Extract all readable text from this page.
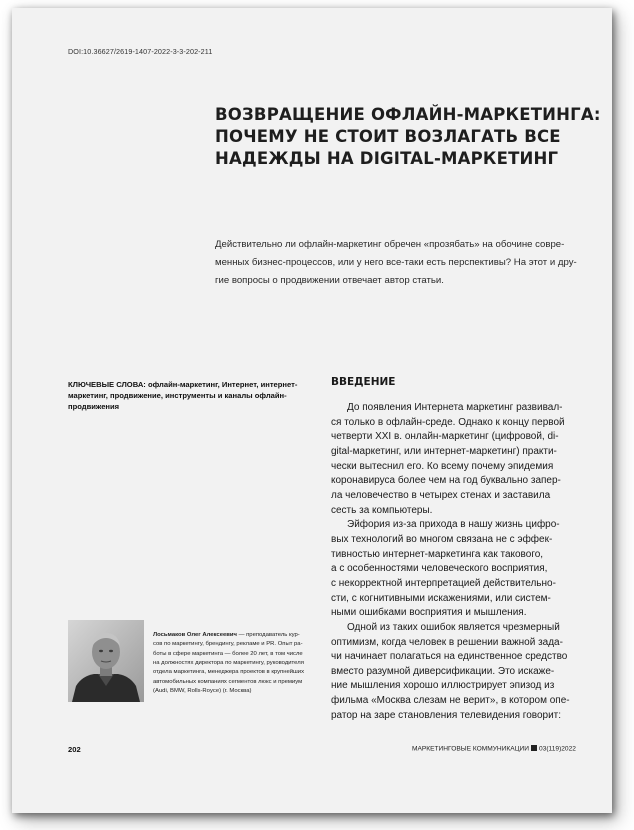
DOI:10.36627/2619-1407-2022-3-3-202-211
ВОЗВРАЩЕНИЕ ОФЛАЙН-МАРКЕТИНГА:
ПОЧЕМУ НЕ СТОИТ ВОЗЛАГАТЬ ВСЕ
НАДЕЖДЫ НА DIGITAL-МАРКЕТИНГ
Действительно ли офлайн-маркетинг обречен «прозябать» на обочине совре-
менных бизнес-процессов, или у него все-таки есть перспективы? На этот и дру-
гие вопросы о продвижении отвечает автор статьи.
КЛЮЧЕВЫЕ СЛОВА: офлайн-маркетинг, Интернет, интернет-
маркетинг, продвижение, инструменты и каналы офлайн-
продвижения
ВВЕДЕНИЕ
До появления Интернета маркетинг развивал-
ся только в офлайн-среде. Однако к концу первой
четверти XXI в. онлайн-маркетинг (цифровой, di-
gital-маркетинг, или интернет-маркетинг) практи-
чески вытеснил его. Ко всему почему эпидемия
коронавируса более чем на год буквально запер-
ла человечество в четырех стенах и заставила
сесть за компьютеры.
Эйфория из-за прихода в нашу жизнь цифро-
вых технологий во многом связана не с эффек-
тивностью интернет-маркетинга как такового,
а с особенностями человеческого восприятия,
с некорректной интерпретацией действительно-
сти, с когнитивными искажениями, или систем-
ными ошибками восприятия и мышления.
Одной из таких ошибок является чрезмерный
оптимизм, когда человек в решении важной зада-
чи начинает полагаться на единственное средство
вместо разумной диверсификации. Это искаже-
ние мышления хорошо иллюстрирует эпизод из
фильма «Москва слезам не верит», в котором опе-
ратор на заре становления телевидения говорит:
Лосьмаков Олег Алексеевич — преподаватель кур-
сов по маркетингу, брендингу, рекламе и PR. Опыт ра-
боты в сфере маркетинга — более 20 лет, в том числе
на должностях директора по маркетингу, руководителя
отдела маркетинга, менеджера проектов в крупнейших
автомобильных компаниях сегментов люкс и премиум
(Audi, BMW, Rolls-Royce) (г. Москва)
202	МАРКЕТИНГОВЫЕ КОММУНИКАЦИИ 03(119)2022
